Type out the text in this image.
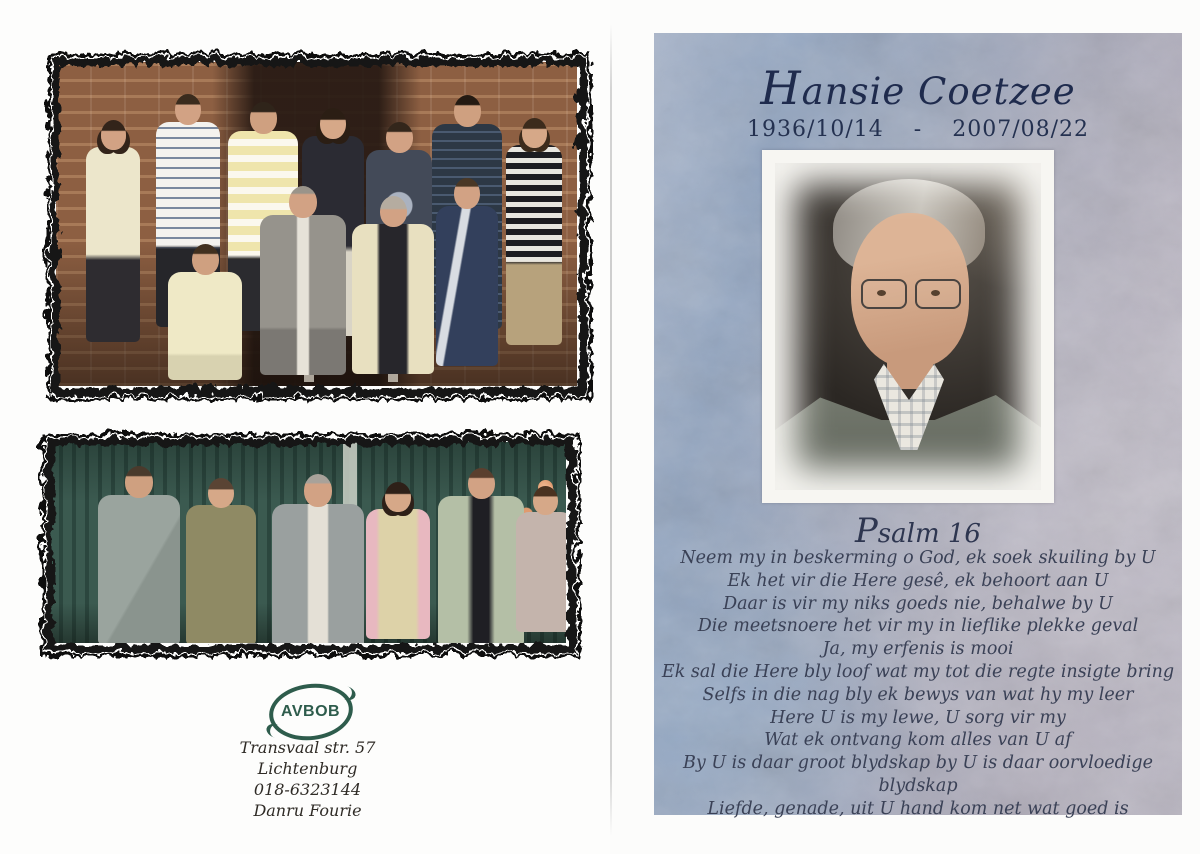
AVBOB
Transvaal str. 57
Lichtenburg
018-6323144
Danru Fourie
Hansie Coetzee
1936/10/14 - 2007/08/22
Psalm 16
Neem my in beskerming o God, ek soek skuiling by U
Ek het vir die Here gesê, ek behoort aan U
Daar is vir my niks goeds nie, behalwe by U
Die meetsnoere het vir my in lieflike plekke geval
Ja, my erfenis is mooi
Ek sal die Here bly loof wat my tot die regte insigte bring
Selfs in die nag bly ek bewys van wat hy my leer
Here U is my lewe, U sorg vir my
Wat ek ontvang kom alles van U af
By U is daar groot blydskap by U is daar oorvloedige blydskap
Liefde, genade, uit U hand kom net wat goed is
